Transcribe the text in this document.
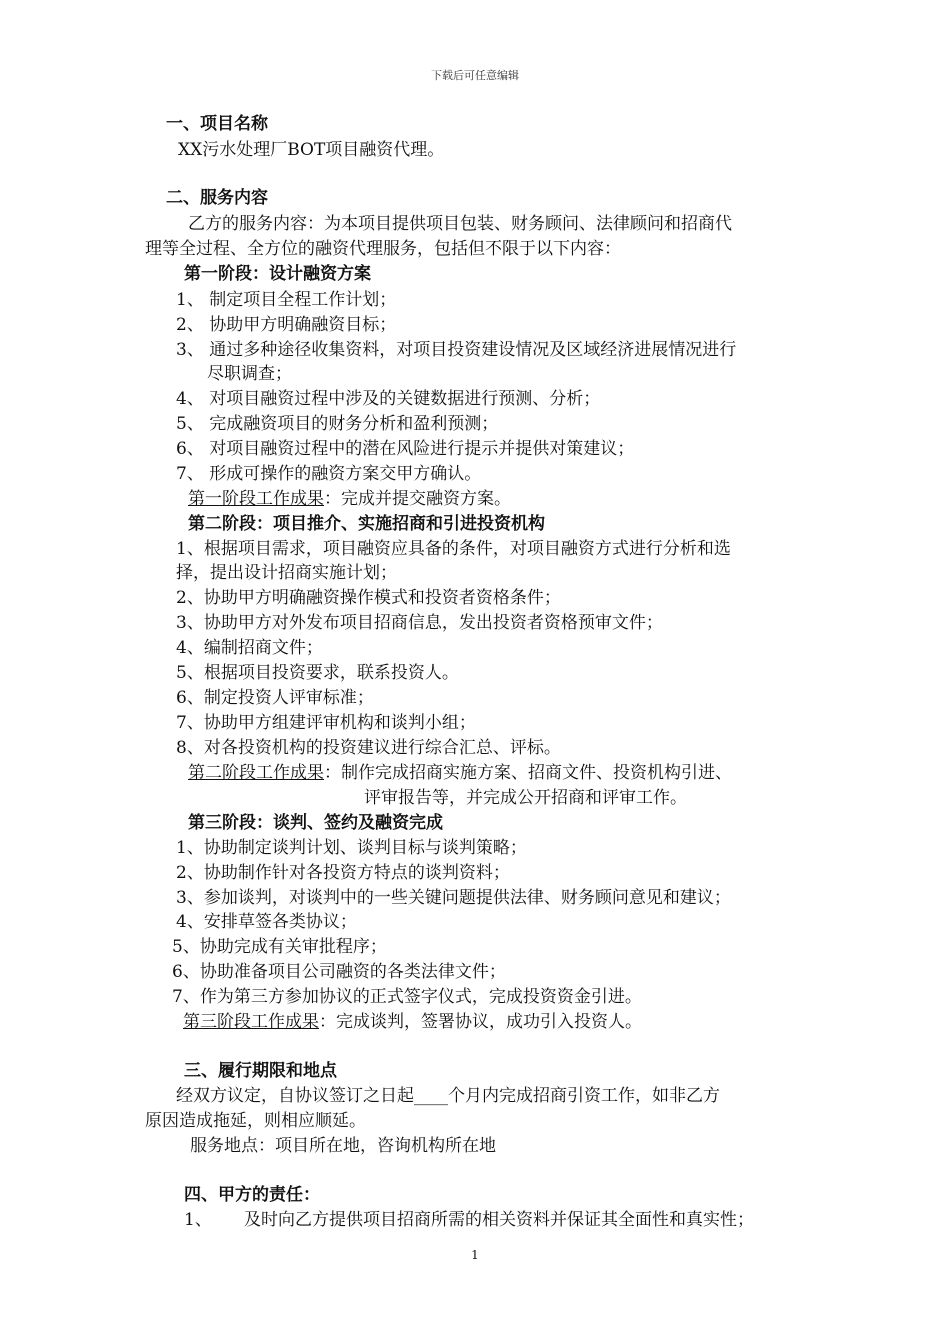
下载后可任意编辑
一、项目名称
XX污水处理厂BOT项目融资代理。
二、服务内容
乙方的服务内容：为本项目提供项目包装、财务顾问、法律顾问和招商代
理等全过程、全方位的融资代理服务，包括但不限于以下内容：
第一阶段：设计融资方案
1、 制定项目全程工作计划；
2、 协助甲方明确融资目标；
3、 通过多种途径收集资料，对项目投资建设情况及区域经济进展情况进行
尽职调查；
4、 对项目融资过程中涉及的关键数据进行预测、分析；
5、 完成融资项目的财务分析和盈利预测；
6、 对项目融资过程中的潜在风险进行提示并提供对策建议；
7、 形成可操作的融资方案交甲方确认。
第一阶段工作成果：完成并提交融资方案。
第二阶段：项目推介、实施招商和引进投资机构
1、根据项目需求，项目融资应具备的条件，对项目融资方式进行分析和选
择，提出设计招商实施计划；
2、协助甲方明确融资操作模式和投资者资格条件；
3、协助甲方对外发布项目招商信息，发出投资者资格预审文件；
4、编制招商文件；
5、根据项目投资要求，联系投资人。
6、制定投资人评审标准；
7、协助甲方组建评审机构和谈判小组；
8、对各投资机构的投资建议进行综合汇总、评标。
第二阶段工作成果：制作完成招商实施方案、招商文件、投资机构引进、
评审报告等，并完成公开招商和评审工作。
第三阶段：谈判、签约及融资完成
1、协助制定谈判计划、谈判目标与谈判策略；
2、协助制作针对各投资方特点的谈判资料；
3、参加谈判，对谈判中的一些关键问题提供法律、财务顾问意见和建议；
4、安排草签各类协议；
5、协助完成有关审批程序；
6、协助准备项目公司融资的各类法律文件；
7、作为第三方参加协议的正式签字仪式，完成投资资金引进。
第三阶段工作成果：完成谈判，签署协议，成功引入投资人。
三、履行期限和地点
经双方议定，自协议签订之日起____个月内完成招商引资工作，如非乙方
原因造成拖延，则相应顺延。
服务地点：项目所在地，咨询机构所在地
四、甲方的责任：
1、 及时向乙方提供项目招商所需的相关资料并保证其全面性和真实性；
1
